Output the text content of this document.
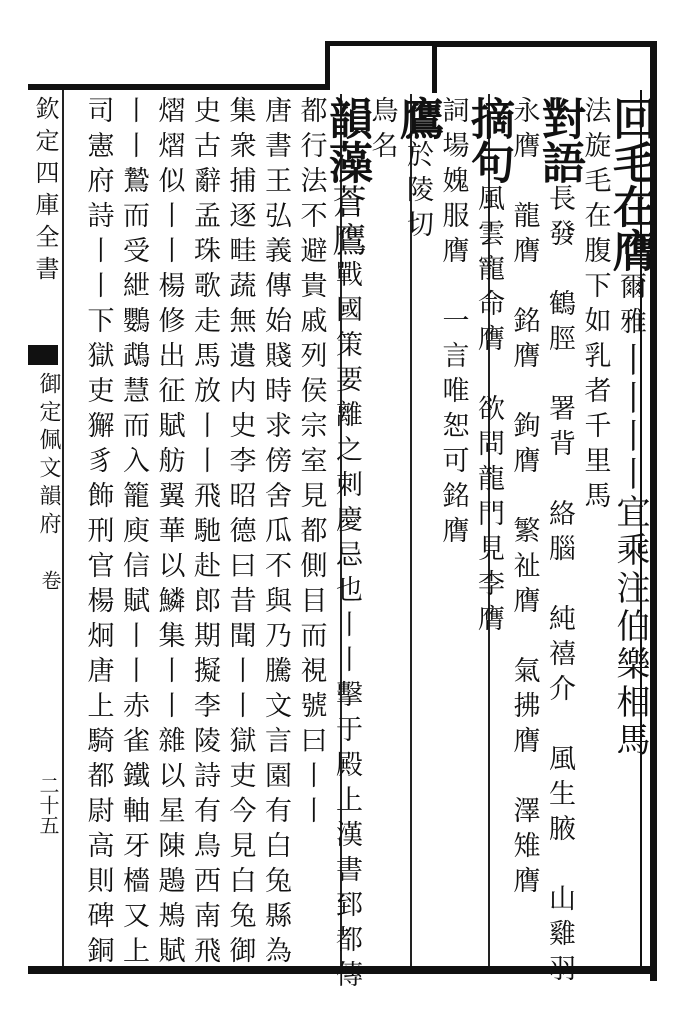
欽定四庫全書
御定佩文韻府
卷
二十五
回毛在膺爾雅丨丨丨丨宜乘注伯樂相馬
法旋毛在腹下如乳者千里馬
對語長發　鶴脛　署背　絡腦　純禧介　風生腋　山雞羽
永膺　龍膺　銘膺　鉤膺　繁祉膺　氣拂膺　澤雉膺
摘句風雲寵命膺　欲問龍門見李膺
詞場媿服膺　一言唯恕可銘膺
鷹於陵切
鳥名
韻藻蒼鷹戰國策要離之刺慶忌也丨丨擊于殿上漢書郅都傳
都行法不避貴戚列侯宗室見都側目而視號曰丨丨
唐書王弘義傳始賤時求傍舍瓜不與乃騰文言園有白兔縣為
集衆捕逐畦蔬無遺内史李昭德曰昔聞丨丨獄吏今見白兔御
史古辭孟珠歌走馬放丨丨飛馳赴郎期擬李陵詩有鳥西南飛
熠熠似丨丨楊修出征賦舫翼華以鱗集丨丨雜以星陳鶗鴂賦
丨丨鷙而受紲鸚鵡慧而入籠庾信賦丨丨赤雀鐵軸牙檣又上
司憲府詩丨丨下獄吏獬豸飾刑官楊炯唐上騎都尉高則碑銅
